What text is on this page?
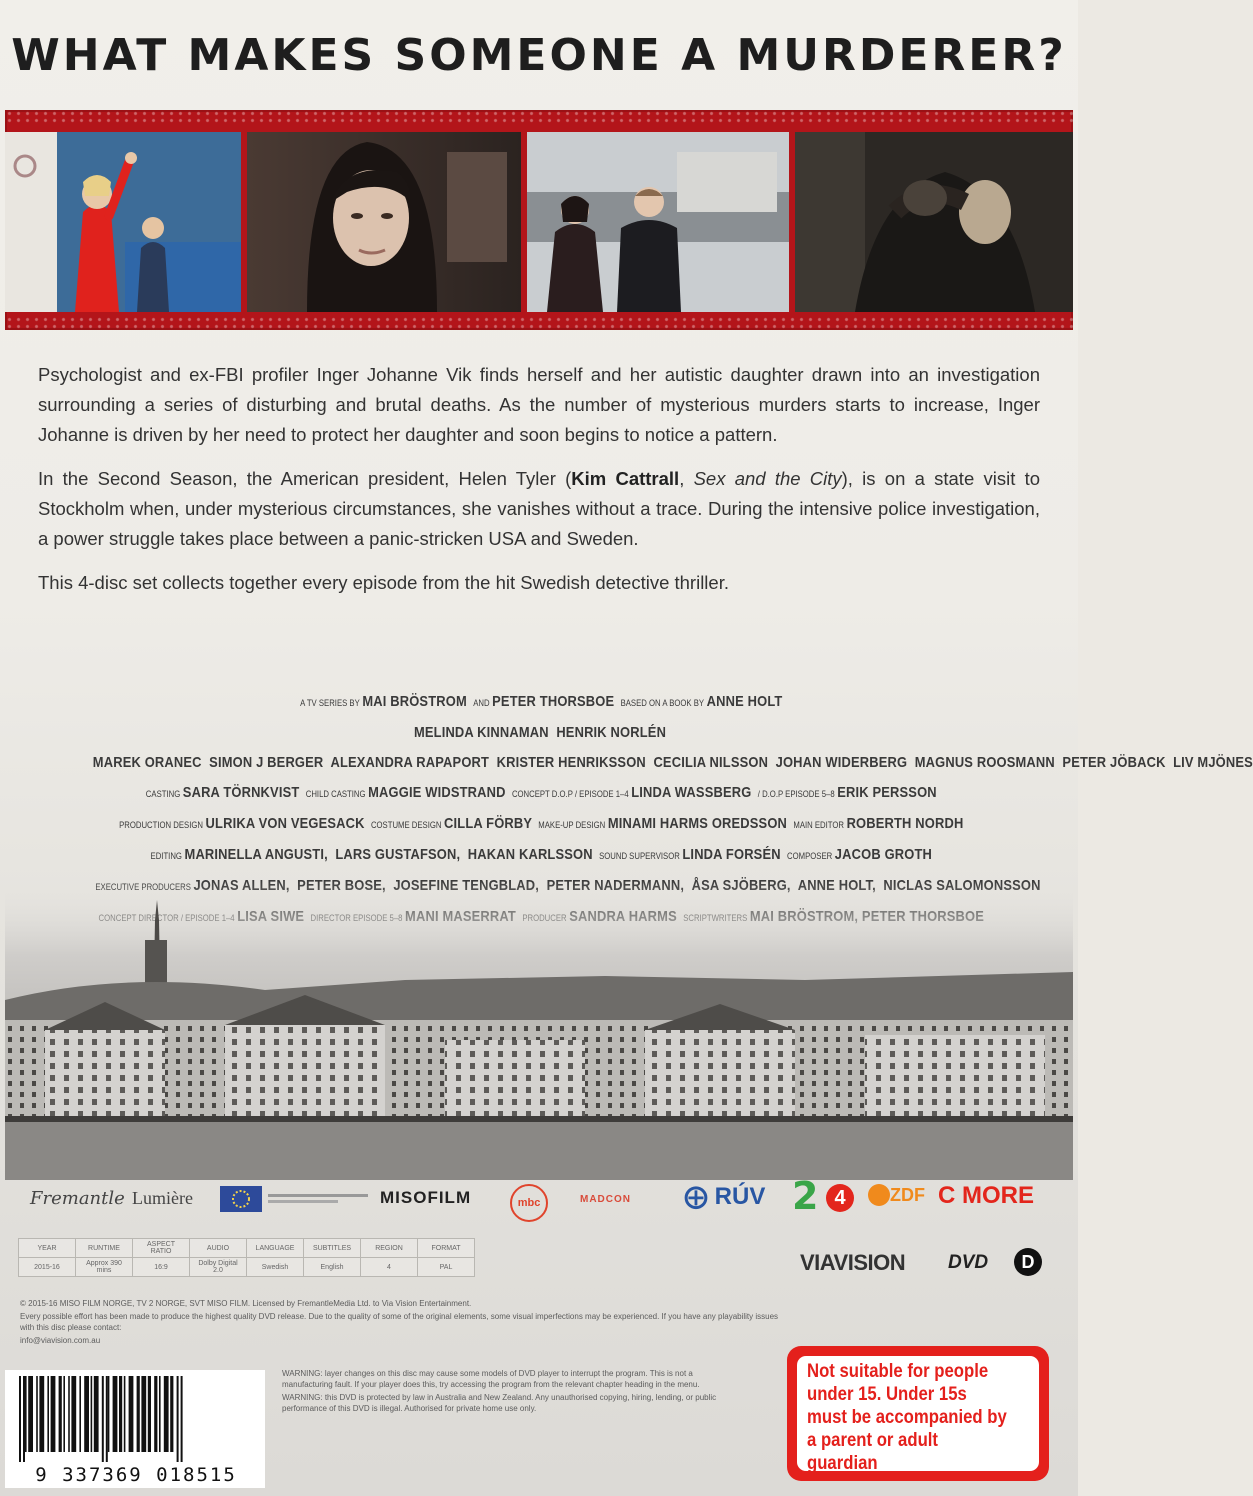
WHAT MAKES SOMEONE A MURDERER?

Psychologist and ex-FBI profiler Inger Johanne Vik finds herself and her autistic daughter drawn into an investigation surrounding a series of disturbing and brutal deaths. As the number of mysterious murders starts to increase, Inger Johanne is driven by her need to protect her daughter and soon begins to notice a pattern.

In the Second Season, the American president, Helen Tyler (Kim Cattrall, Sex and the City), is on a state visit to Stockholm when, under mysterious circumstances, she vanishes without a trace. During the intensive police investigation, a power struggle takes place between a panic-stricken USA and Sweden.

This 4-disc set collects together every episode from the hit Swedish detective thriller.

A TV SERIES BY MAI BRÖSTROM AND PETER THORSBOE BASED ON A BOOK BY ANNE HOLT
MELINDA KINNAMAN HENRIK NORLÉN
MAREK ORANEC SIMON J BERGER ALEXANDRA RAPAPORT KRISTER HENRIKSSON CECILIA NILSSON JOHAN WIDERBERG MAGNUS ROOSMANN PETER JÖBACK LIV MJÖNES
CASTING SARA TÖRNKVIST CHILD CASTING MAGGIE WIDSTRAND CONCEPT D.O.P / EPISODE 1–4 LINDA WASSBERG / D.O.P EPISODE 5–8 ERIK PERSSON
PRODUCTION DESIGN ULRIKA VON VEGESACK COSTUME DESIGN CILLA FÖRBY MAKE-UP DESIGN MINAMI HARMS OREDSSON MAIN EDITOR ROBERTH NORDH
EDITING MARINELLA ANGUSTI,  LARS GUSTAFSON,  HAKAN KARLSSON SOUND SUPERVISOR LINDA FORSÉN COMPOSER JACOB GROTH
Fremantle Lumière	MISOFILM	mbc	MADCON ⨁ RÚV 2 4	ZDF C MORE
YEAR	RUNTIME	ASPECT RATIO	AUDIO	LANGUAGE	SUBTITLES	REGION	FORMAT
2015-16	Approx 390 mins	16:9	Dolby Digital 2.0	Swedish	English	4	PAL	VIAVISION DVD	D

© 2015-16 MISO FILM NORGE, TV 2 NORGE, SVT MISO FILM. Licensed by FremantleMedia Ltd. to Via Vision Entertainment.

Every possible effort has been made to produce the highest quality DVD release. Due to the quality of some of the original elements, some visual imperfections may be experienced. If you have any playability issues with this disc please contact:

info@viavision.com.au

WARNING: layer changes on this disc may cause some models of DVD player to interrupt the program. This is not a manufacturing fault. If your player does this, try accessing the program from the relevant chapter heading in the menu.

WARNING: this DVD is protected by law in Australia and New Zealand. Any unauthorised copying, hiring, lending, or public performance of this DVD is illegal. Authorised for private home use only.

9 337369 018515
Not suitable for people under 15. Under 15s must be accompanied by a parent or adult guardian
